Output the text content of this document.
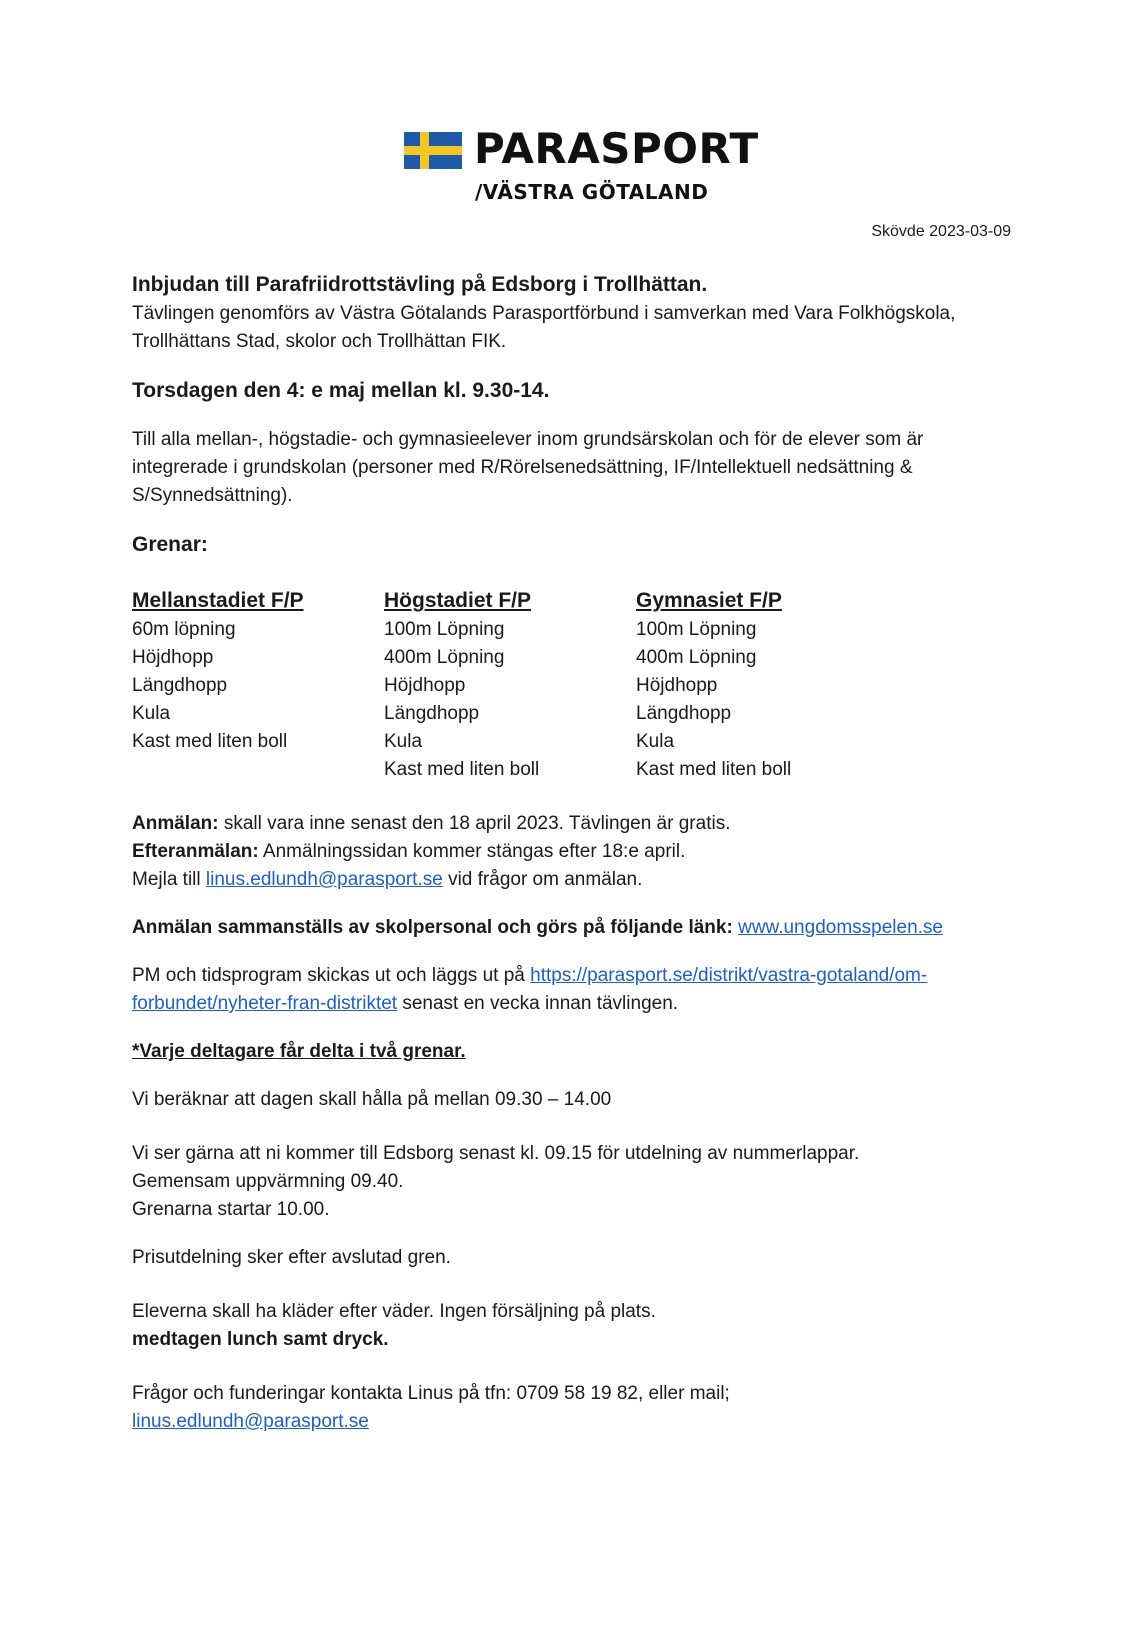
PARASPORT
/VÄSTRA GÖTALAND
Skövde 2023-03-09
Inbjudan till Parafriidrottstävling på Edsborg i Trollhättan.

Tävlingen genomförs av Västra Götalands Parasportförbund i samverkan med Vara Folkhögskola, Trollhättans Stad, skolor och Trollhättan FIK.

Torsdagen den 4: e maj mellan kl. 9.30-14.

Till alla mellan-, högstadie- och gymnasieelever inom grundsärskolan och för de elever som är integrerade i grundskolan (personer med R/Rörelsenedsättning, IF/Intellektuell nedsättning & S/Synnedsättning).

Grenar:
Mellanstadiet F/P
60m löpning
Höjdhopp
Längdhopp
Kula
Kast med liten boll
Högstadiet F/P
100m Löpning
400m Löpning
Höjdhopp
Längdhopp
Kula
Kast med liten boll
Gymnasiet F/P
100m Löpning
400m Löpning
Höjdhopp
Längdhopp
Kula
Kast med liten boll

Anmälan: skall vara inne senast den 18 april 2023. Tävlingen är gratis.

Efteranmälan: Anmälningssidan kommer stängas efter 18:e april.

Mejla till linus.edlundh@parasport.se vid frågor om anmälan.

Anmälan sammanställs av skolpersonal och görs på följande länk: www.ungdomsspelen.se

PM och tidsprogram skickas ut och läggs ut på https://parasport.se/distrikt/vastra-gotaland/om-forbundet/nyheter-fran-distriktet senast en vecka innan tävlingen.

*Varje deltagare får delta i två grenar.

Vi beräknar att dagen skall hålla på mellan 09.30 – 14.00

Vi ser gärna att ni kommer till Edsborg senast kl. 09.15 för utdelning av nummerlappar.

Gemensam uppvärmning 09.40.

Grenarna startar 10.00.

Prisutdelning sker efter avslutad gren.

Eleverna skall ha kläder efter väder. Ingen försäljning på plats.

medtagen lunch samt dryck.

Frågor och funderingar kontakta Linus på tfn: 0709 58 19 82, eller mail;

linus.edlundh@parasport.se
